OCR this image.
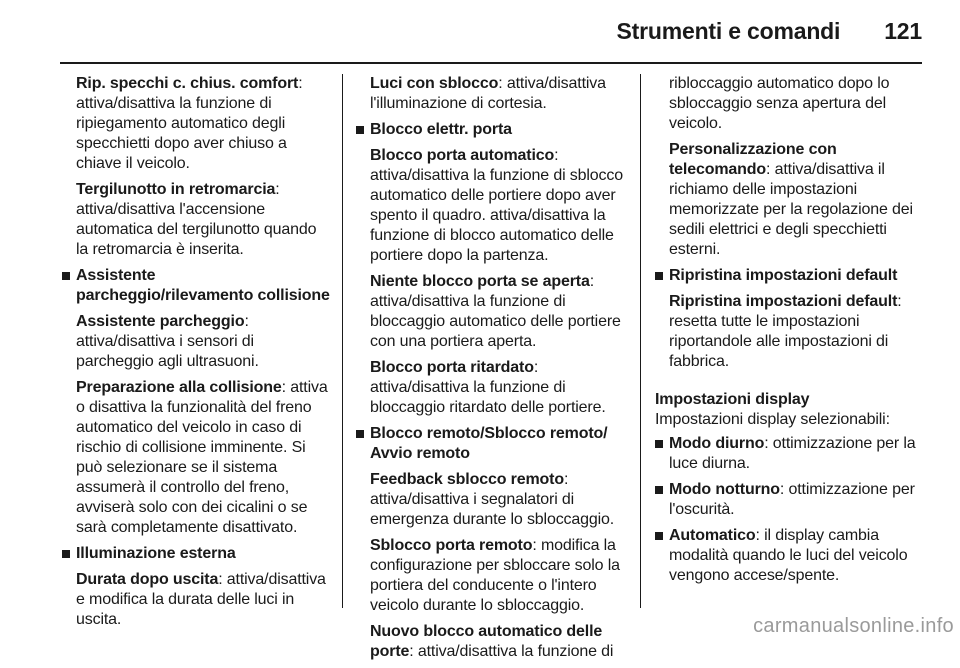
Strumenti e comandi 121

Rip. specchi c. chius. comfort: attiva/disattiva la funzione di ripiegamento automatico degli specchietti dopo aver chiuso a chiave il veicolo.

Tergilunotto in retromarcia: attiva/disattiva l'accensione automatica del tergilunotto quando la retromarcia è inserita.

Assistente parcheggio/rilevamento collisione

Assistente parcheggio: attiva/disattiva i sensori di parcheggio agli ultrasuoni.

Preparazione alla collisione: attiva o disattiva la funzionalità del freno automatico del veicolo in caso di rischio di collisione imminente. Si può selezionare se il sistema assumerà il controllo del freno, avviserà solo con dei cicalini o se sarà completamente disattivato.

Illuminazione esterna

Durata dopo uscita: attiva/disattiva e modifica la durata delle luci in uscita.

Luci con sblocco: attiva/disattiva l'illuminazione di cortesia.

Blocco elettr. porta

Blocco porta automatico: attiva/disattiva la funzione di sblocco automatico delle portiere dopo aver spento il quadro. attiva/disattiva la funzione di blocco automatico delle portiere dopo la partenza.

Niente blocco porta se aperta: attiva/disattiva la funzione di bloccaggio automatico delle portiere con una portiera aperta.

Blocco porta ritardato: attiva/disattiva la funzione di bloccaggio ritardato delle portiere.

Blocco remoto/Sblocco remoto/ Avvio remoto

Feedback sblocco remoto: attiva/disattiva i segnalatori di emergenza durante lo sbloccaggio.

Sblocco porta remoto: modifica la configurazione per sbloccare solo la portiera del conducente o l'intero veicolo durante lo sbloccaggio.

Nuovo blocco automatico delle porte: attiva/disattiva la funzione di

ribloccaggio automatico dopo lo sbloccaggio senza apertura del veicolo.

Personalizzazione con telecomando: attiva/disattiva il richiamo delle impostazioni memorizzate per la regolazione dei sedili elettrici e degli specchietti esterni.

Ripristina impostazioni default

Ripristina impostazioni default: resetta tutte le impostazioni riportandole alle impostazioni di fabbrica.

Impostazioni display

Impostazioni display selezionabili:

Modo diurno: ottimizzazione per la luce diurna.

Modo notturno: ottimizzazione per l'oscurità.

Automatico: il display cambia modalità quando le luci del veicolo vengono accese/spente.

carmanualsonline.info
